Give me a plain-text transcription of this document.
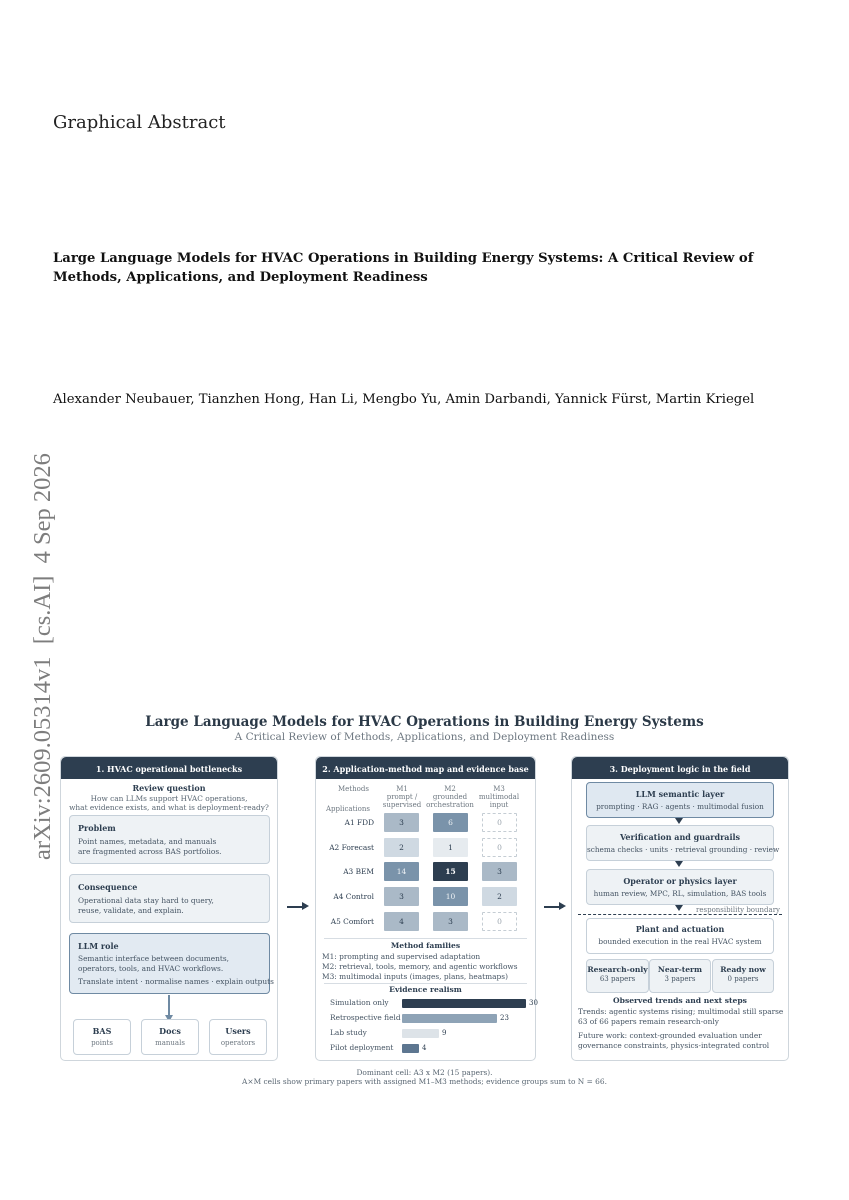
Graphical Abstract
Large Language Models for HVAC Operations in Building Energy Systems: A Critical Review of Methods, Applications, and Deployment Readiness
Alexander Neubauer, Tianzhen Hong, Han Li, Mengbo Yu, Amin Darbandi, Yannick Fürst, Martin Kriegel
arXiv:2609.05314v1  [cs.AI]  4 Sep 2026	Large Language Models for HVAC Operations in Building Energy Systems
A Critical Review of Methods, Applications, and Deployment Readiness
1. HVAC operational bottlenecks
Review question
How can LLMs support HVAC operations,
what evidence exists, and what is deployment-ready?
Problem
Point names, metadata, and manuals
are fragmented across BAS portfolios.
Consequence
Operational data stay hard to query,
reuse, validate, and explain.
LLM role
Semantic interface between documents,
operators, tools, and HVAC workflows.
Translate intent · normalise names · explain outputs
BAS
points
Docs
manuals
Users
operators
2. Application-method map and evidence base
Methods
Applications
M1
prompt /
supervised
M2
grounded
orchestration
M3
multimodal
input
A1 FDD	3	6	0
A2 Forecast	2	1	0
A3 BEM	14	15	3
A4 Control	3	10	2
A5 Comfort	4	3	0
Method families
M1: prompting and supervised adaptation
M2: retrieval, tools, memory, and agentic workflows
M3: multimodal inputs (images, plans, heatmaps)
Evidence realism
Simulation only	30
Retrospective field	23
Lab study	9
Pilot deployment	4
3. Deployment logic in the field
LLM semantic layer
prompting · RAG · agents · multimodal fusion
Verification and guardrails
schema checks · units · retrieval grounding · review
Operator or physics layer
human review, MPC, RL, simulation, BAS tools
responsibility boundary
Plant and actuation
bounded execution in the real HVAC system
Research-only
63 papers
Near-term
3 papers
Ready now
0 papers
Observed trends and next steps
Trends: agentic systems rising; multimodal still sparse
63 of 66 papers remain research-only
Future work: context-grounded evaluation under
governance constraints, physics-integrated control
Dominant cell: A3 x M2 (15 papers).
A×M cells show primary papers with assigned M1–M3 methods; evidence groups sum to N = 66.
